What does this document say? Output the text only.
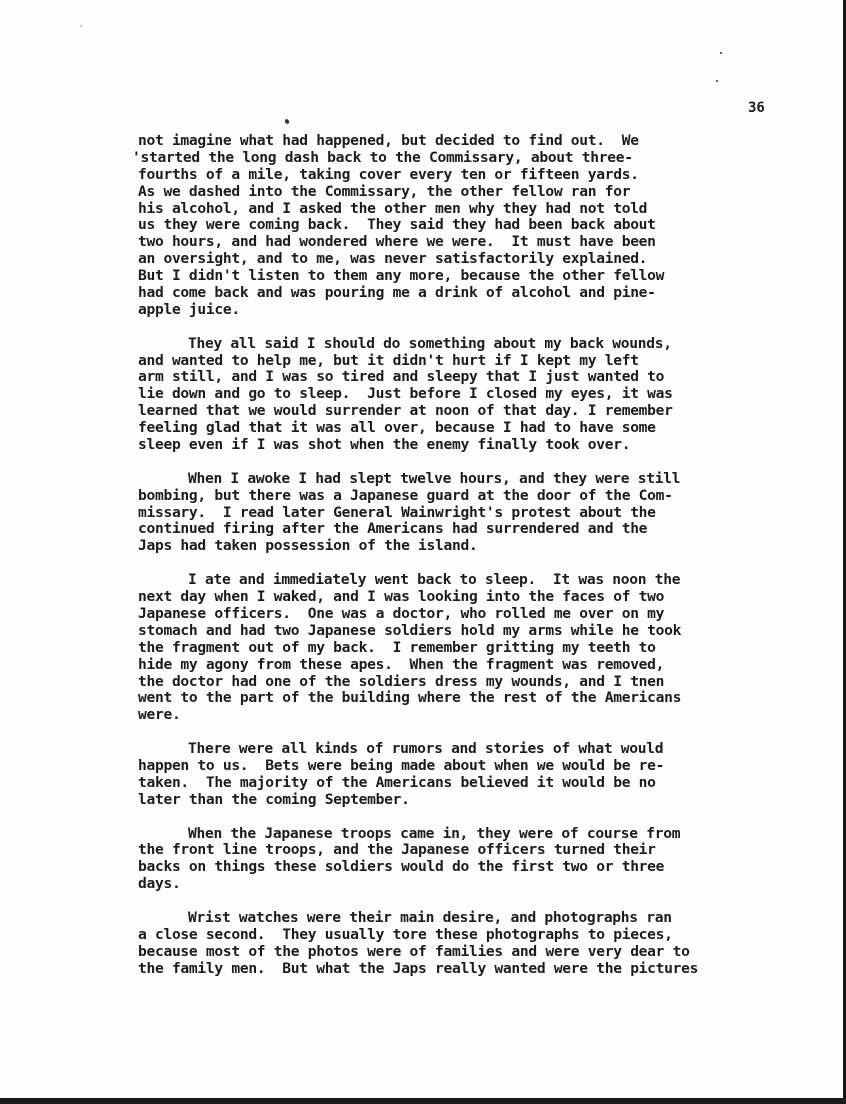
36
not imagine what had happened, but decided to find out.  We
'started the long dash back to the Commissary, about three-
fourths of a mile, taking cover every ten or fifteen yards.
As we dashed into the Commissary, the other fellow ran for
his alcohol, and I asked the other men why they had not told
us they were coming back.  They said they had been back about
two hours, and had wondered where we were.  It must have been
an oversight, and to me, was never satisfactorily explained.
But I didn't listen to them any more, because the other fellow
had come back and was pouring me a drink of alcohol and pine-
apple juice.
They all said I should do something about my back wounds,
and wanted to help me, but it didn't hurt if I kept my left
arm still, and I was so tired and sleepy that I just wanted to
lie down and go to sleep.  Just before I closed my eyes, it was
learned that we would surrender at noon of that day. I remember
feeling glad that it was all over, because I had to have some
sleep even if I was shot when the enemy finally took over.
When I awoke I had slept twelve hours, and they were still
bombing, but there was a Japanese guard at the door of the Com-
missary.  I read later General Wainwright's protest about the
continued firing after the Americans had surrendered and the
Japs had taken possession of the island.
I ate and immediately went back to sleep.  It was noon the
next day when I waked, and I was looking into the faces of two
Japanese officers.  One was a doctor, who rolled me over on my
stomach and had two Japanese soldiers hold my arms while he took
the fragment out of my back.  I remember gritting my teeth to
hide my agony from these apes.  When the fragment was removed,
the doctor had one of the soldiers dress my wounds, and I tnen
went to the part of the building where the rest of the Americans
were.
There were all kinds of rumors and stories of what would
happen to us.  Bets were being made about when we would be re-
taken.  The majority of the Americans believed it would be no
later than the coming September.
When the Japanese troops came in, they were of course from
the front line troops, and the Japanese officers turned their
backs on things these soldiers would do the first two or three
days.
Wrist watches were their main desire, and photographs ran
a close second.  They usually tore these photographs to pieces,
because most of the photos were of families and were very dear to
the family men.  But what the Japs really wanted were the pictures
